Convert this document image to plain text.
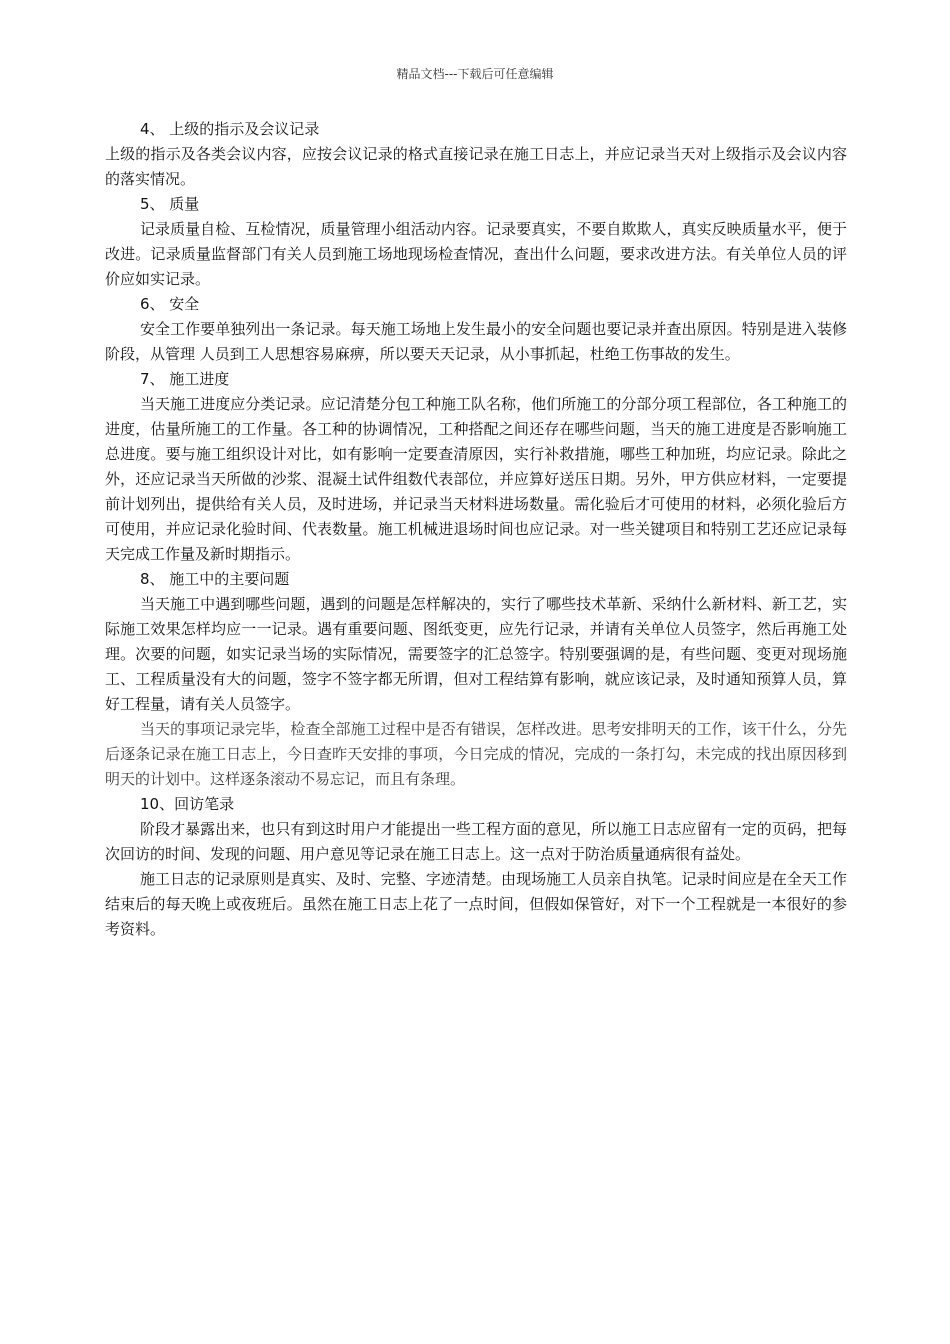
精品文档---下载后可任意编辑

4、 上级的指示及会议记录

上级的指示及各类会议内容，应按会议记录的格式直接记录在施工日志上，并应记录当天对上级指示及会议内容的落实情况。

5、 质量

记录质量自检、互检情况，质量管理小组活动内容。记录要真实，不要自欺欺人，真实反映质量水平，便于改进。记录质量监督部门有关人员到施工场地现场检查情况，查出什么问题，要求改进方法。有关单位人员的评价应如实记录。

6、 安全

安全工作要单独列出一条记录。每天施工场地上发生最小的安全问题也要记录并查出原因。特别是进入装修阶段，从管理 人员到工人思想容易麻痹，所以要天天记录，从小事抓起，杜绝工伤事故的发生。

7、 施工进度

当天施工进度应分类记录。应记清楚分包工种施工队名称，他们所施工的分部分项工程部位，各工种施工的进度，估量所施工的工作量。各工种的协调情况，工种搭配之间还存在哪些问题，当天的施工进度是否影响施工总进度。要与施工组织设计对比，如有影响一定要查清原因，实行补救措施，哪些工种加班，均应记录。除此之外，还应记录当天所做的沙浆、混凝土试件组数代表部位，并应算好送压日期。另外，甲方供应材料，一定要提前计划列出，提供给有关人员，及时进场，并记录当天材料进场数量。需化验后才可使用的材料，必须化验后方可使用，并应记录化验时间、代表数量。施工机械进退场时间也应记录。对一些关键项目和特别工艺还应记录每天完成工作量及新时期指示。

8、 施工中的主要问题

当天施工中遇到哪些问题，遇到的问题是怎样解决的，实行了哪些技术革新、采纳什么新材料、新工艺，实际施工效果怎样均应一一记录。遇有重要问题、图纸变更，应先行记录，并请有关单位人员签字，然后再施工处理。次要的问题，如实记录当场的实际情况，需要签字的汇总签字。特别要强调的是，有些问题、变更对现场施工、工程质量没有大的问题，签字不签字都无所谓，但对工程结算有影响，就应该记录，及时通知预算人员，算好工程量，请有关人员签字。

当天的事项记录完毕，检查全部施工过程中是否有错误，怎样改进。思考安排明天的工作，该干什么，分先后逐条记录在施工日志上，今日查昨天安排的事项，今日完成的情况，完成的一条打勾，未完成的找出原因移到明天的计划中。这样逐条滚动不易忘记，而且有条理。

10、回访笔录

阶段才暴露出来，也只有到这时用户才能提出一些工程方面的意见，所以施工日志应留有一定的页码，把每次回访的时间、发现的问题、用户意见等记录在施工日志上。这一点对于防治质量通病很有益处。

施工日志的记录原则是真实、及时、完整、字迹清楚。由现场施工人员亲自执笔。记录时间应是在全天工作结束后的每天晚上或夜班后。虽然在施工日志上花了一点时间，但假如保管好，对下一个工程就是一本很好的参考资料。
